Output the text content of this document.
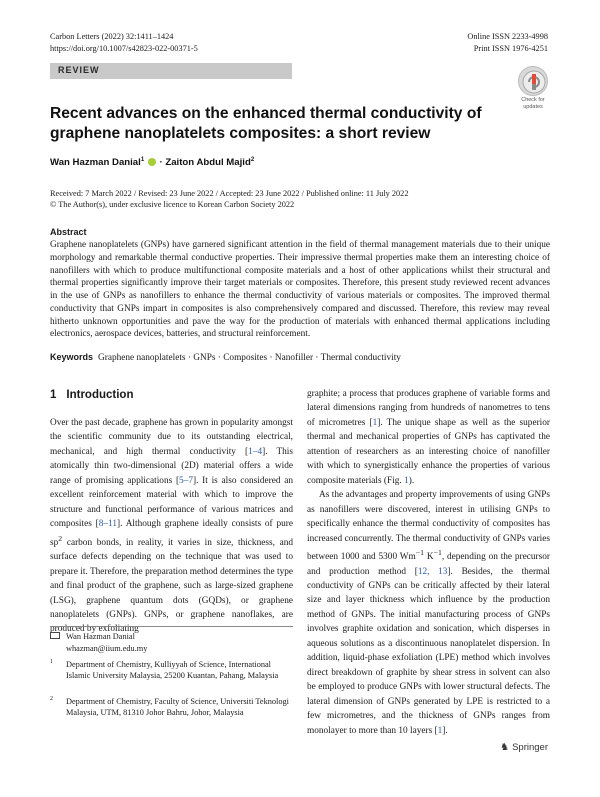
Carbon Letters (2022) 32:1411–1424
https://doi.org/10.1007/s42823-022-00371-5
Online ISSN 2233-4998
Print ISSN 1976-4251
REVIEW
Check for updates
Recent advances on the enhanced thermal conductivity of graphene nanoplatelets composites: a short review
Wan Hazman Danial$^1$  · Zaiton Abdul Majid$^2$
Received: 7 March 2022 / Revised: 23 June 2022 / Accepted: 23 June 2022 / Published online: 11 July 2022
© The Author(s), under exclusive licence to Korean Carbon Society 2022
Abstract

Graphene nanoplatelets (GNPs) have garnered significant attention in the field of thermal management materials due to their unique morphology and remarkable thermal conductive properties. Their impressive thermal properties make them an interesting choice of nanofillers with which to produce multifunctional composite materials and a host of other applications whilst their structural and thermal properties significantly improve their target materials or composites. Therefore, this present study reviewed recent advances in the use of GNPs as nanofillers to enhance the thermal conductivity of various materials or composites. The improved thermal conductivity that GNPs impart in composites is also comprehensively compared and discussed. Therefore, this review may reveal hitherto unknown opportunities and pave the way for the production of materials with enhanced thermal applications including electronics, aerospace devices, batteries, and structural reinforcement.

Keywords Graphene nanoplatelets · GNPs · Composites · Nanofiller · Thermal conductivity
1 Introduction

Over the past decade, graphene has grown in popularity amongst the scientific community due to its outstanding electrical, mechanical, and high thermal conductivity [1–4]. This atomically thin two-dimensional (2D) material offers a wide range of promising applications [5–7]. It is also considered an excellent reinforcement material with which to improve the structure and functional performance of various matrices and composites [8–11]. Although graphene ideally consists of pure $sp^2$ carbon bonds, in reality, it varies in size, thickness, and surface defects depending on the technique that was used to prepare it. Therefore, the preparation method determines the type and final product of the graphene, such as large-sized graphene (LSG), graphene quantum dots (GQDs), or graphene nanoplatelets (GNPs). GNPs, or graphene nanoflakes, are produced by exfoliating

graphite; a process that produces graphene of variable forms and lateral dimensions ranging from hundreds of nanometres to tens of micrometres [1]. The unique shape as well as the superior thermal and mechanical properties of GNPs has captivated the attention of researchers as an interesting choice of nanofiller with which to synergistically enhance the properties of various composite materials (Fig. 1).

As the advantages and property improvements of using GNPs as nanofillers were discovered, interest in utilising GNPs to specifically enhance the thermal conductivity of composites has increased concurrently. The thermal conductivity of GNPs varies between 1000 and 5300 $Wm^{-1}$ $K^{-1}$, depending on the precursor and production method [12, 13]. Besides, the thermal conductivity of GNPs can be critically affected by their lateral size and layer thickness which influence by the production method of GNPs. The initial manufacturing process of GNPs involves graphite oxidation and sonication, which disperses in aqueous solutions as a discontinuous nanoplatelet dispersion. In addition, liquid-phase exfoliation (LPE) method which involves direct breakdown of graphite by shear stress in solvent can also be employed to produce GNPs with lower structural defects. The lateral dimension of GNPs generated by LPE is restricted to a few micrometres, and the thickness of GNPs ranges from monolayer to more than 10 layers [1].

Wan Hazman Danial
whazman@iium.edu.my
1	Department of Chemistry, Kulliyyah of Science, International Islamic University Malaysia, 25200 Kuantan, Pahang, Malaysia
2	Department of Chemistry, Faculty of Science, Universiti Teknologi Malaysia, UTM, 81310 Johor Bahru, Johor, Malaysia
♞ Springer
